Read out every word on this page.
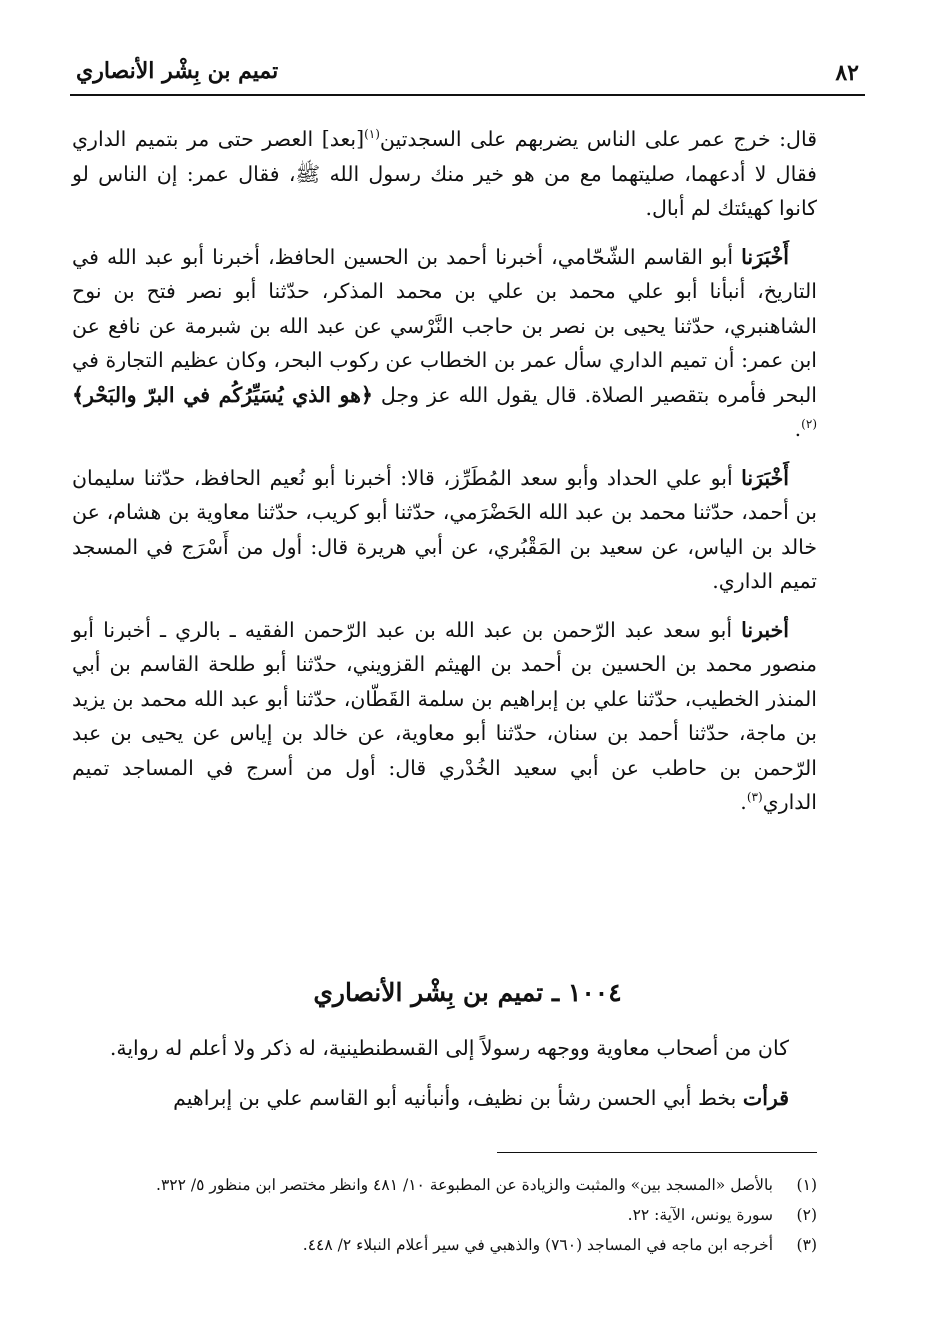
٨٢
تميم بن بِشْر الأنصاري

قال: خرج عمر على الناس يضربهم على السجدتين$^{(١)}$[بعد] العصر حتى مر بتميم الداري فقال لا أدعهما، صليتهما مع من هو خير منك رسول الله ﷺ، فقال عمر: إن الناس لو كانوا كهيئتك لم أبال.

أَخْبَرَنا أبو القاسم الشّحّامي، أخبرنا أحمد بن الحسين الحافظ، أخبرنا أبو عبد الله في التاريخ، أنبأنا أبو علي محمد بن علي بن محمد المذكر، حدّثنا أبو نصر فتح بن نوح الشاهنبري، حدّثنا يحيى بن نصر بن حاجب النَّرْسي عن عبد الله بن شبرمة عن نافع عن ابن عمر: أن تميم الداري سأل عمر بن الخطاب عن ركوب البحر، وكان عظيم التجارة في البحر فأمره بتقصير الصلاة. قال يقول الله عز وجل ﴿هو الذي يُسَيِّرُكُم في البرّ والبَحْر﴾$^{(٢)}$.

أَخْبَرَنا أبو علي الحداد وأبو سعد المُطَرِّز، قالا: أخبرنا أبو نُعيم الحافظ، حدّثنا سليمان بن أحمد، حدّثنا محمد بن عبد الله الحَضْرَمي، حدّثنا أبو كريب، حدّثنا معاوية بن هشام، عن خالد بن الياس، عن سعيد بن المَقْبُري، عن أبي هريرة قال: أول من أَسْرَج في المسجد تميم الداري.

أخبرنا أبو سعد عبد الرّحمن بن عبد الله بن عبد الرّحمن الفقيه ـ بالري ـ أخبرنا أبو منصور محمد بن الحسين بن أحمد بن الهيثم القزويني، حدّثنا أبو طلحة القاسم بن أبي المنذر الخطيب، حدّثنا علي بن إبراهيم بن سلمة القَطّان، حدّثنا أبو عبد الله محمد بن يزيد بن ماجة، حدّثنا أحمد بن سنان، حدّثنا أبو معاوية، عن خالد بن إياس عن يحيى بن عبد الرّحمن بن حاطب عن أبي سعيد الخُدْري قال: أول من أسرج في المساجد تميم الداري$^{(٣)}$.

١٠٠٤ ـ تميم بن بِشْر الأنصاري

كان من أصحاب معاوية ووجهه رسولاً إلى القسطنطينية، له ذكر ولا أعلم له رواية.

قرأت بخط أبي الحسن رشأ بن نظيف، وأنبأنيه أبو القاسم علي بن إبراهيم

(١)
بالأصل «المسجد بين» والمثبت والزيادة عن المطبوعة ١٠/ ٤٨١ وانظر مختصر ابن منظور ٥/ ٣٢٢.
(٢)
سورة يونس، الآية: ٢٢.
(٣)
أخرجه ابن ماجه في المساجد (٧٦٠) والذهبي في سير أعلام النبلاء ٢/ ٤٤٨.
